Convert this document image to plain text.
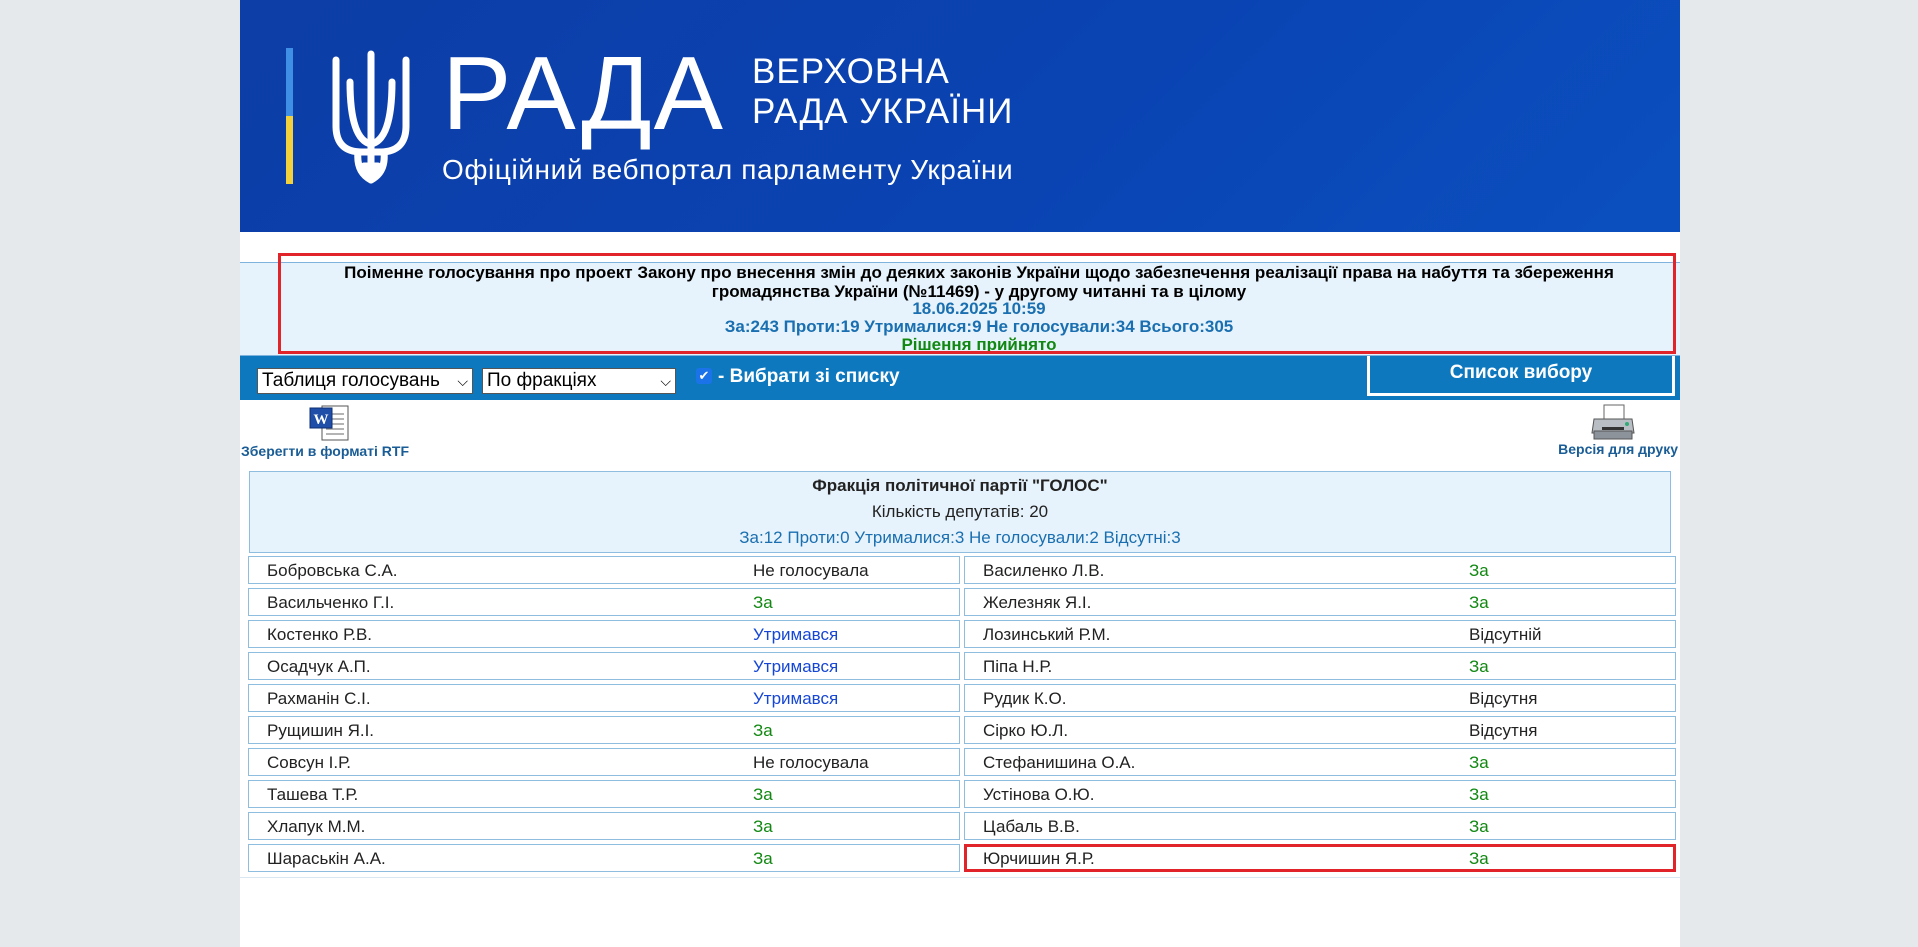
РАДА ВЕРХОВНА
РАДА УКРАЇНИ
Офіційний вебпортал парламенту України
Поіменне голосування про проект Закону про внесення змін до деяких законів України щодо забезпечення реалізації права на набуття та збереження громадянства України (№11469) - у другому читанні та в цілому
18.06.2025 10:59
За:243 Проти:19 Утрималися:9 Не голосували:34 Всього:305
Рішення прийнято
Таблиця голосувань ⌵ По фракціях	⌵ ✔ - Вибрати зі списку	Список вибору
W
Зберегти в форматі RTF	Версія для друку
Фракція політичної партії "ГОЛОС"
Кількість депутатів: 20
За:12 Проти:0 Утрималися:3 Не голосували:2 Відсутні:3
Бобровська С.А.	Не голосувала
Васильченко Г.І.	За
Костенко Р.В.	Утримався
Осадчук А.П.	Утримався
Рахманін С.І.	Утримався
Рущишин Я.І.	За
Совсун І.Р.	Не голосувала
Ташева Т.Р.	За
Хлапук М.М.	За
Шараськін А.А.	За
Василенко Л.В.	За
Железняк Я.І.	За
Лозинський Р.М.	Відсутній
Піпа Н.Р.	За
Рудик К.О.	Відсутня
Сірко Ю.Л.	Відсутня
Стефанишина О.А.	За
Устінова О.Ю.	За
Цабаль В.В.	За
Юрчишин Я.Р.	За
